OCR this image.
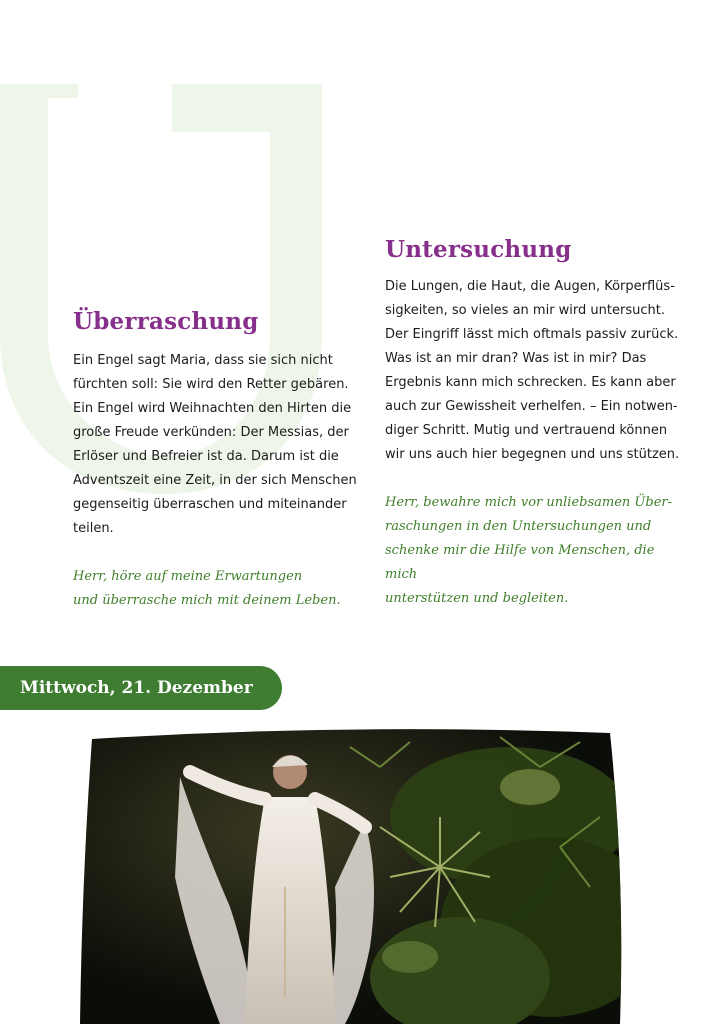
Überraschung

Ein Engel sagt Maria, dass sie sich nicht
fürchten soll: Sie wird den Retter gebären.
Ein Engel wird Weihnachten den Hirten die
große Freude verkünden: Der Messias, der
Erlöser und Befreier ist da. Darum ist die
Adventszeit eine Zeit, in der sich Menschen
gegenseitig überraschen und miteinander
teilen.

Herr, höre auf meine Erwartungen
und überrasche mich mit deinem Leben.

Untersuchung

Die Lungen, die Haut, die Augen, Körperflüs-
sigkeiten, so vieles an mir wird untersucht.
Der Eingriff lässt mich oftmals passiv zurück.
Was ist an mir dran? Was ist in mir? Das
Ergebnis kann mich schrecken. Es kann aber
auch zur Gewissheit verhelfen. – Ein notwen-
diger Schritt. Mutig und vertrauend können
wir uns auch hier begegnen und uns stützen.

Herr, bewahre mich vor unliebsamen Über-
raschungen in den Untersuchungen und
schenke mir die Hilfe von Menschen, die mich
unterstützen und begleiten.

Mittwoch, 21. Dezember
